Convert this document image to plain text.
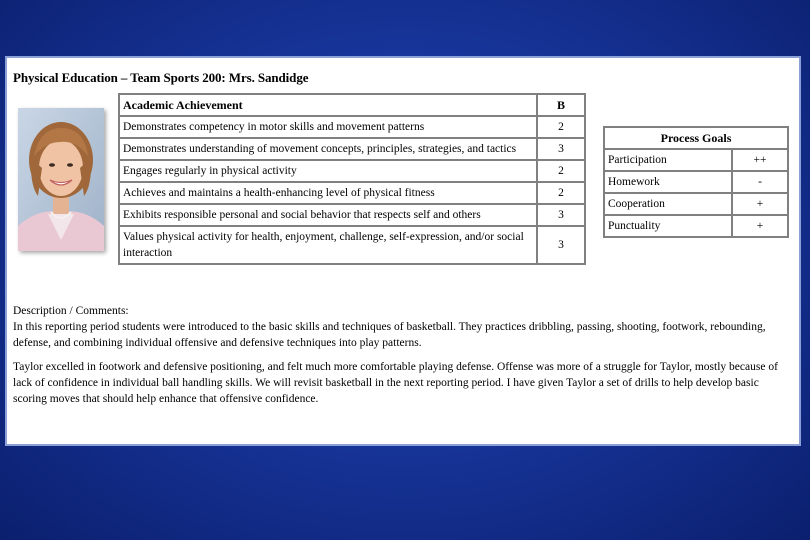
Physical Education – Team Sports 200: Mrs. Sandidge
Academic Achievement	B
Demonstrates competency in motor skills and movement patterns	2
Demonstrates understanding of movement concepts, principles, strategies, and tactics	3
Engages regularly in physical activity	2
Achieves and maintains a health-enhancing level of physical fitness	2
Exhibits responsible personal and social behavior that respects self and others	3
Values physical activity for health, enjoyment, challenge, self-expression, and/or social interaction	3
Process Goals	
Participation	++
Homework	-
Cooperation	+
Punctuality	+

Description / Comments:

In this reporting period students were introduced to the basic skills and techniques of basketball. They practices dribbling, passing, shooting, footwork, rebounding, defense, and combining individual offensive and defensive techniques into play patterns.

Taylor excelled in footwork and defensive positioning, and felt much more comfortable playing defense. Offense was more of a struggle for Taylor, mostly because of lack of confidence in individual ball handling skills. We will revisit basketball in the next reporting period. I have given Taylor a set of drills to help develop basic scoring moves that should help enhance that offensive confidence.
